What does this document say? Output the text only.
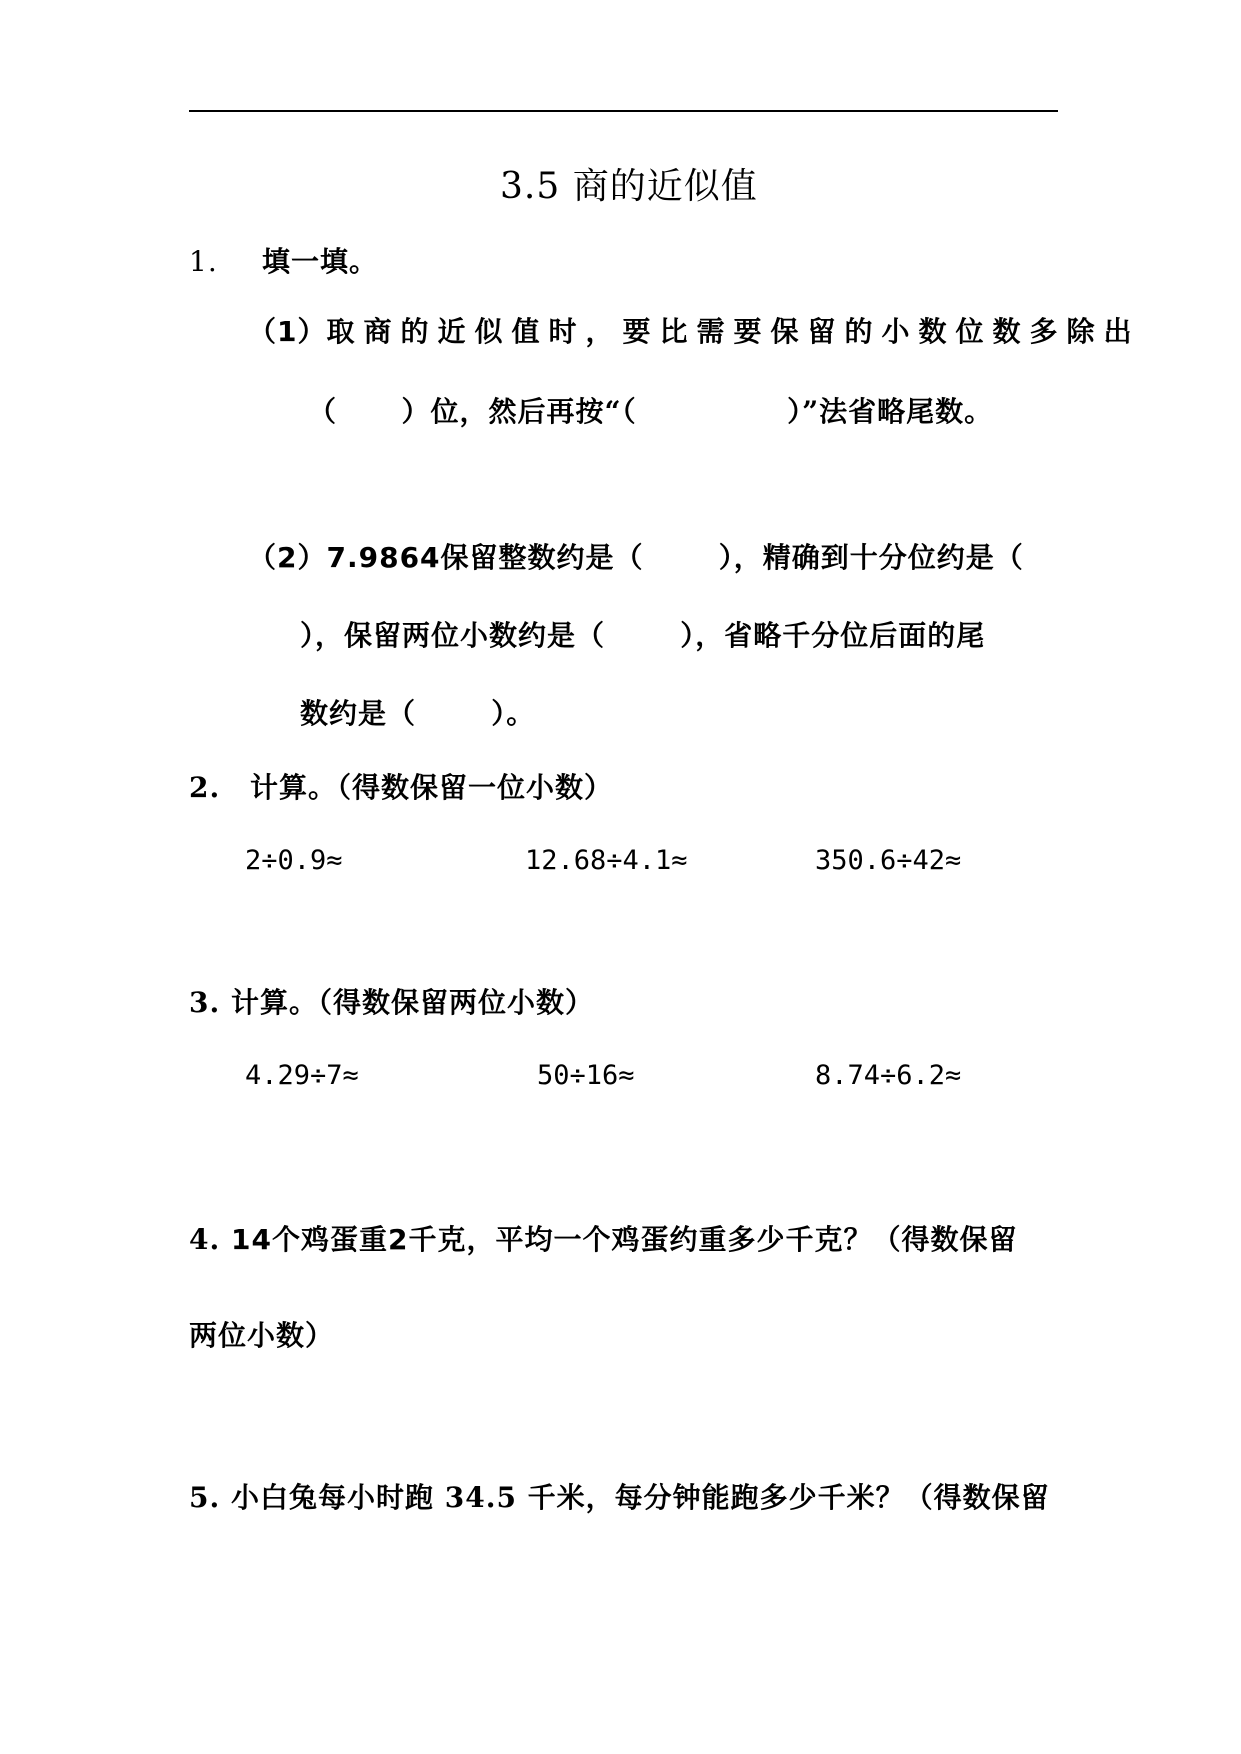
3.5 商的近似值
1. 填一填。
（1）取商的近似值时，要比需要保留的小数位数多除出
（      ）位，然后再按“（              ）”法省略尾数。
（2）7.9864保留整数约是（       ），精确到十分位约是（
），保留两位小数约是（       ），省略千分位后面的尾
数约是（       ）。
2. 计算。（得数保留一位小数）
2÷0.9≈	12.68÷4.1≈	350.6÷42≈
3. 计算。（得数保留两位小数）
4.29÷7≈	50÷16≈	8.74÷6.2≈
4. 14个鸡蛋重2千克，平均一个鸡蛋约重多少千克？（得数保留
两位小数）
5. 小白兔每小时跑 34.5 千米，每分钟能跑多少千米？（得数保留
